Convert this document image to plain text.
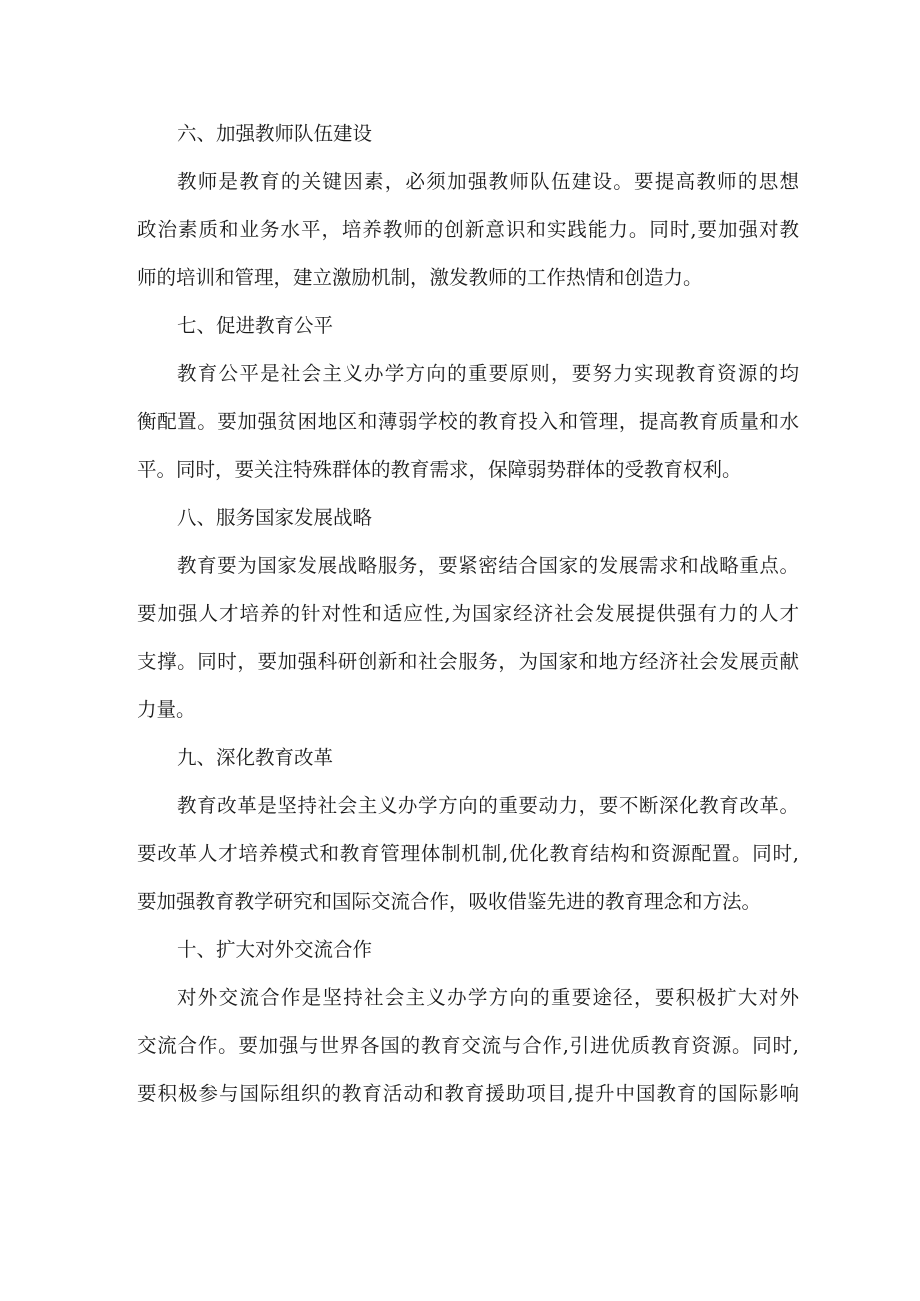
六、加强教师队伍建设

教师是教育的关键因素，必须加强教师队伍建设。要提高教师的思想
政治素质和业务水平，培养教师的创新意识和实践能力。同时,要加强对教
师的培训和管理，建立激励机制，激发教师的工作热情和创造力。

七、促进教育公平

教育公平是社会主义办学方向的重要原则，要努力实现教育资源的均
衡配置。要加强贫困地区和薄弱学校的教育投入和管理，提高教育质量和水
平。同时，要关注特殊群体的教育需求，保障弱势群体的受教育权利。

八、服务国家发展战略

教育要为国家发展战略服务，要紧密结合国家的发展需求和战略重点。
要加强人才培养的针对性和适应性,为国家经济社会发展提供强有力的人才
支撑。同时，要加强科研创新和社会服务，为国家和地方经济社会发展贡献
力量。

九、深化教育改革

教育改革是坚持社会主义办学方向的重要动力，要不断深化教育改革。
要改革人才培养模式和教育管理体制机制,优化教育结构和资源配置。同时,
要加强教育教学研究和国际交流合作，吸收借鉴先进的教育理念和方法。

十、扩大对外交流合作

对外交流合作是坚持社会主义办学方向的重要途径，要积极扩大对外
交流合作。要加强与世界各国的教育交流与合作,引进优质教育资源。同时,
要积极参与国际组织的教育活动和教育援助项目,提升中国教育的国际影响
